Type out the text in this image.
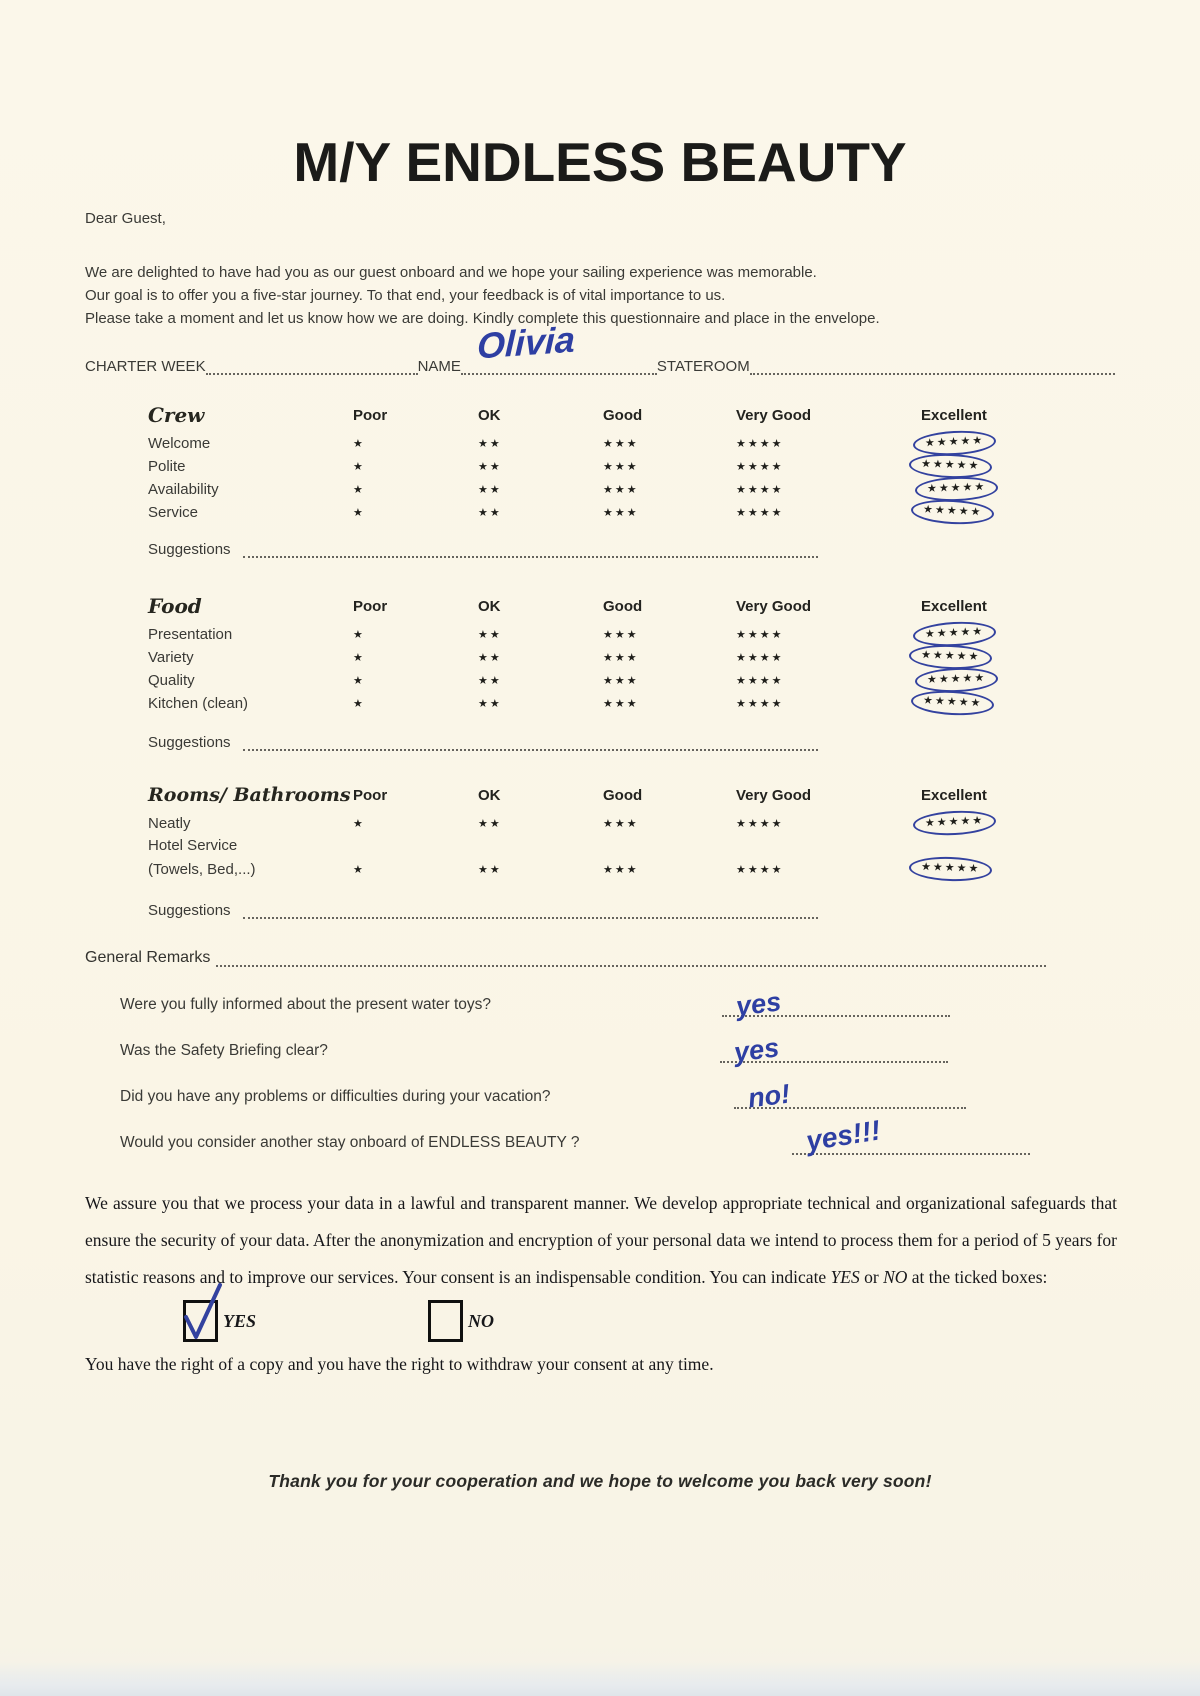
M/Y ENDLESS BEAUTY
Dear Guest,
We are delighted to have had you as our guest onboard and we hope your sailing experience was memorable.
Our goal is to offer you a five-star journey. To that end, your feedback is of vital importance to us.
Please take a moment and let us know how we are doing. Kindly complete this questionnaire and place in the envelope.
CHARTER WEEK	NAME Olivia	STATEROOM
Crew	Poor	OK	Good	Very Good	Excellent
Welcome	★	★★	★★★	★★★★	★★★★★
Polite	★	★★	★★★	★★★★	★★★★★
Availability	★	★★	★★★	★★★★	★★★★★
Service	★	★★	★★★	★★★★	★★★★★
Suggestions
Food	Poor	OK	Good	Very Good	Excellent
Presentation	★	★★	★★★	★★★★	★★★★★
Variety	★	★★	★★★	★★★★	★★★★★
Quality	★	★★	★★★	★★★★	★★★★★
Kitchen (clean)	★	★★	★★★	★★★★	★★★★★
Suggestions
Rooms/ Bathrooms Poor	OK	Good	Very Good	Excellent
Neatly	★	★★	★★★	★★★★	★★★★★
Hotel Service
(Towels, Bed,...)	★	★★	★★★	★★★★	★★★★★
Suggestions
General Remarks
Were you fully informed about the present water toys?	yes
Was the Safety Briefing clear?	yes
Did you have any problems or difficulties during your vacation?	no!
Would you consider another stay onboard of ENDLESS BEAUTY ?	yes!!!
We assure you that we process your data in a lawful and transparent manner. We develop appropriate technical and organizational safeguards that ensure the security of your data. After the anonymization and encryption of your personal data we intend to process them for a period of 5 years for statistic reasons and to improve our services. Your consent is an indispensable condition. You can indicate YES or NO at the ticked boxes:
YES	NO
You have the right of a copy and you have the right to withdraw your consent at any time.
Thank you for your cooperation and we hope to welcome you back very soon!
